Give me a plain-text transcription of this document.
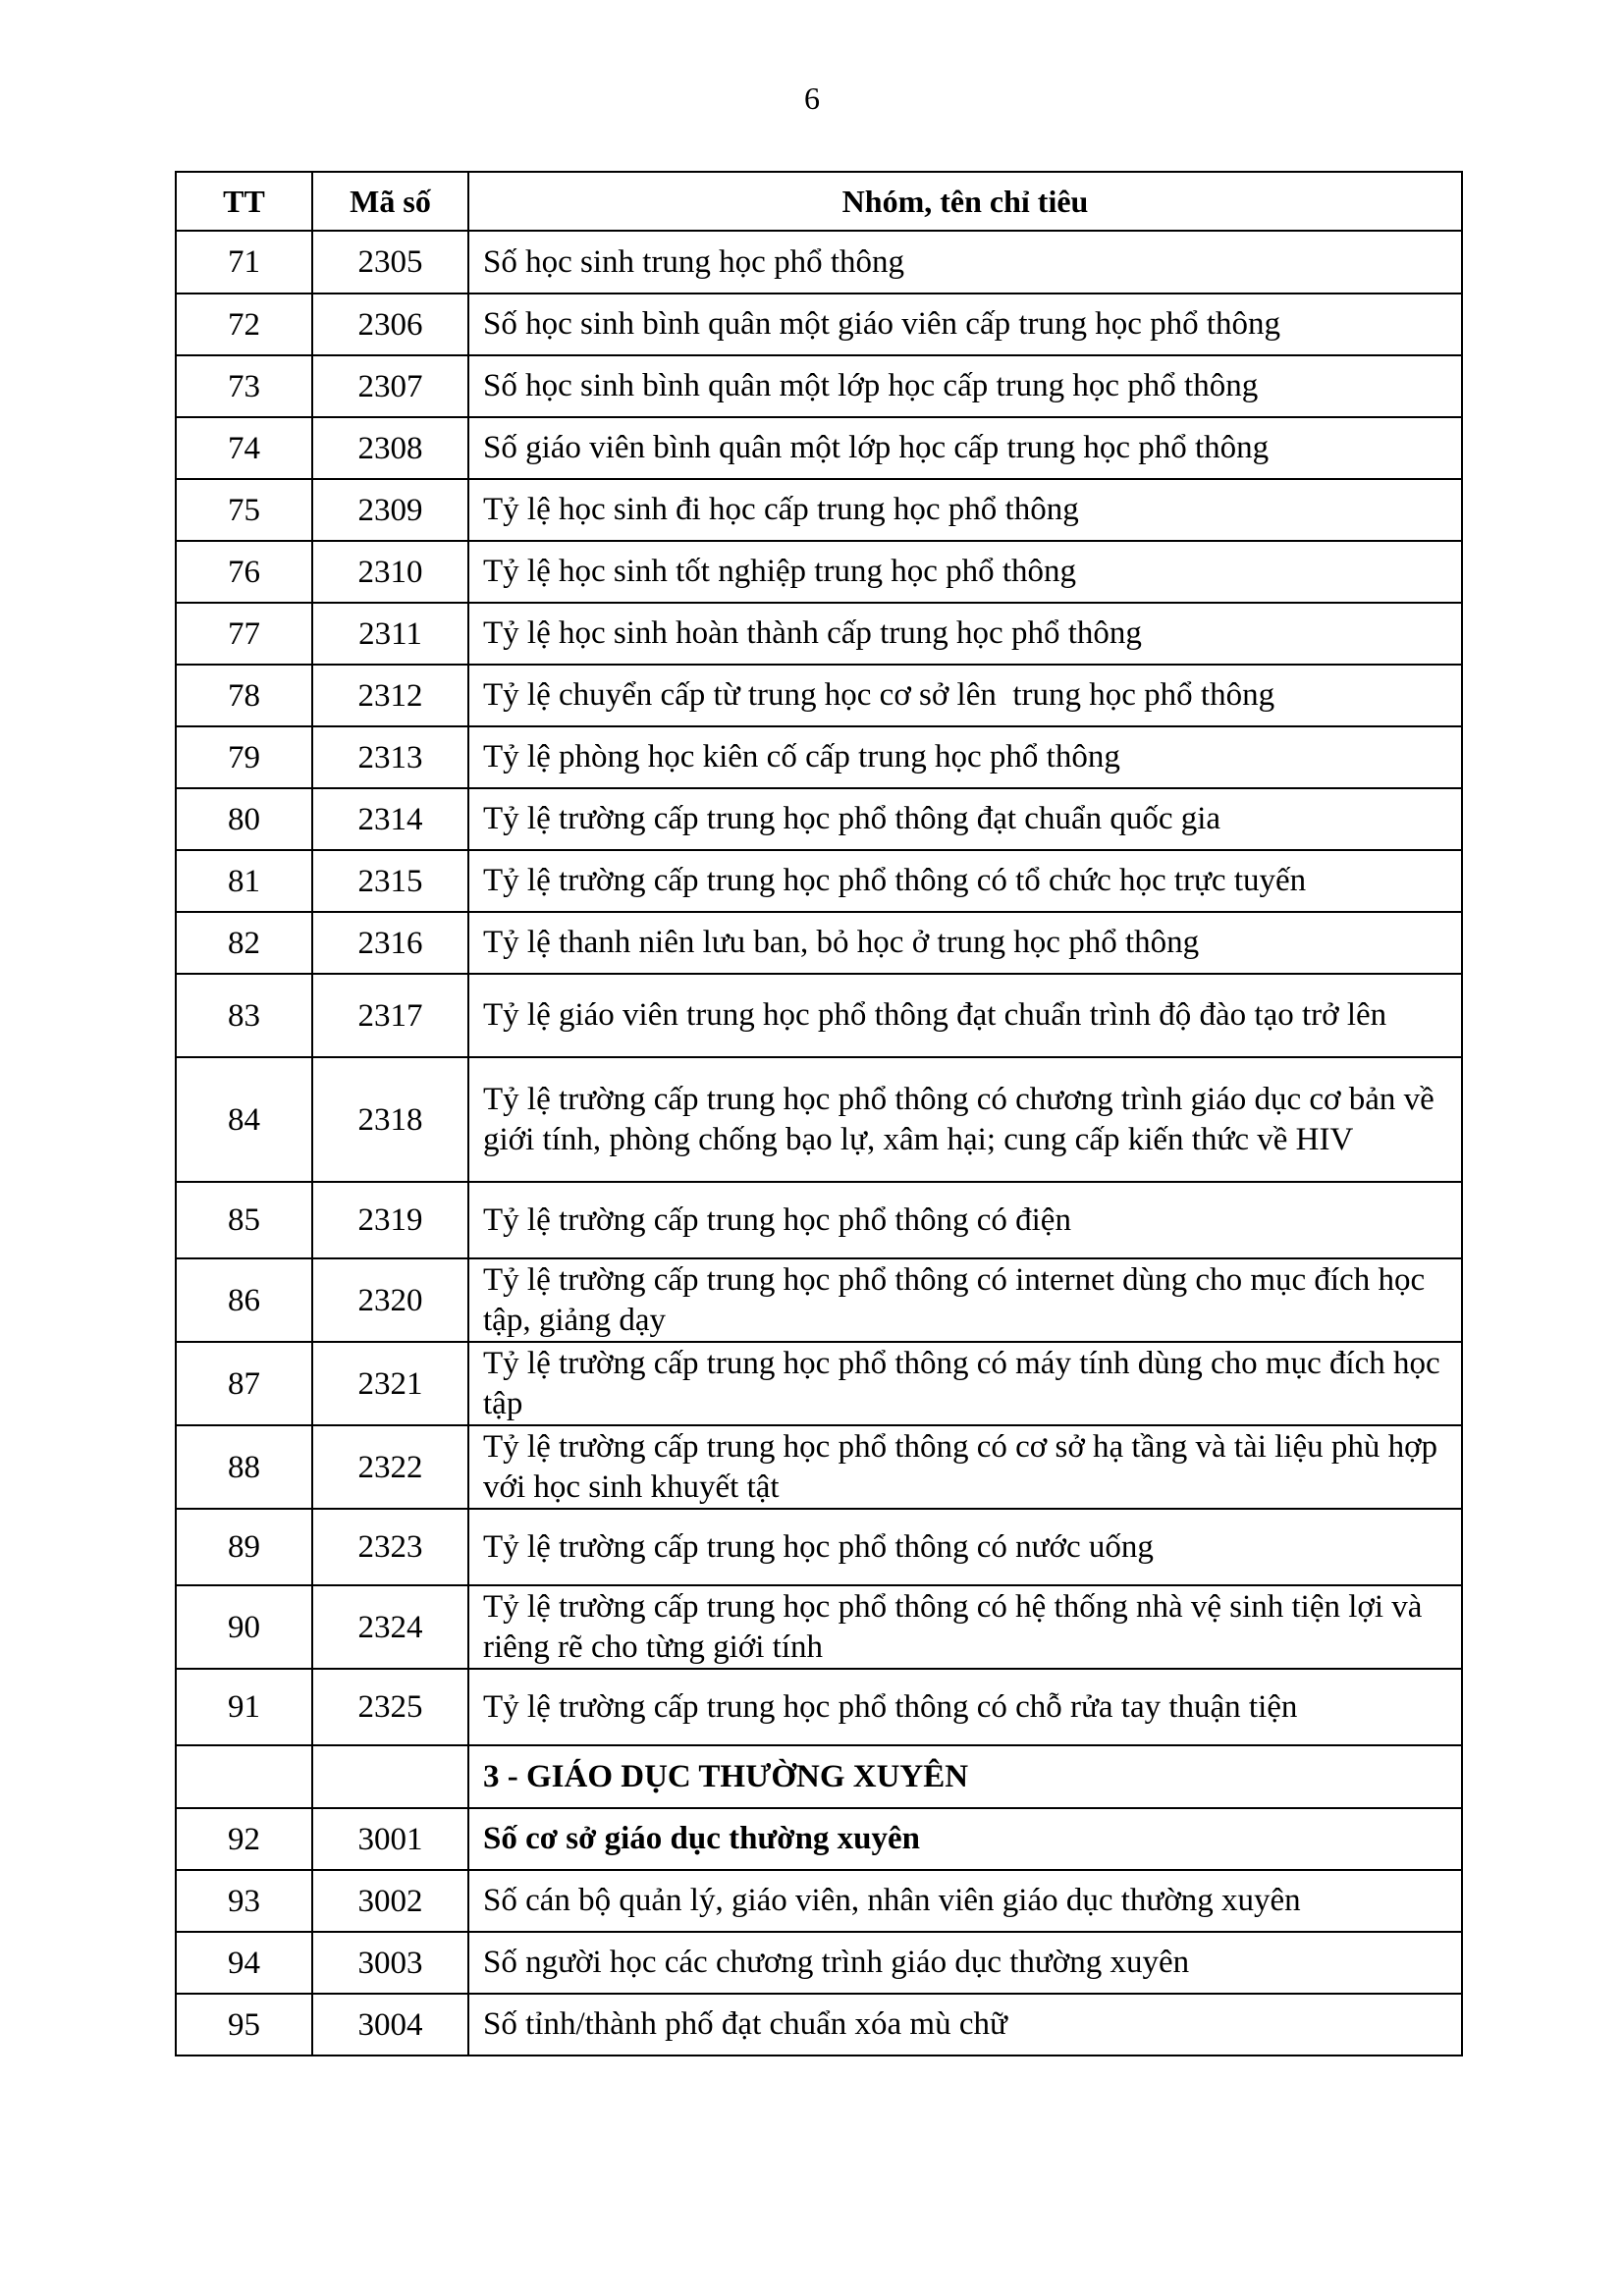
6
TT	Mã số	Nhóm, tên chỉ tiêu
71	2305	Số học sinh trung học phổ thông
72	2306	Số học sinh bình quân một giáo viên cấp trung học phổ thông
73	2307	Số học sinh bình quân một lớp học cấp trung học phổ thông
74	2308	Số giáo viên bình quân một lớp học cấp trung học phổ thông
75	2309	Tỷ lệ học sinh đi học cấp trung học phổ thông
76	2310	Tỷ lệ học sinh tốt nghiệp trung học phổ thông
77	2311	Tỷ lệ học sinh hoàn thành cấp trung học phổ thông
78	2312	Tỷ lệ chuyển cấp từ trung học cơ sở lên  trung học phổ thông
79	2313	Tỷ lệ phòng học kiên cố cấp trung học phổ thông
80	2314	Tỷ lệ trường cấp trung học phổ thông đạt chuẩn quốc gia
81	2315	Tỷ lệ trường cấp trung học phổ thông có tổ chức học trực tuyến
82	2316	Tỷ lệ thanh niên lưu ban, bỏ học ở trung học phổ thông
83	2317	Tỷ lệ giáo viên trung học phổ thông đạt chuẩn trình độ đào tạo trở lên
84	2318	Tỷ lệ trường cấp trung học phổ thông có chương trình giáo dục cơ bản về giới tính, phòng chống bạo lự, xâm hại; cung cấp kiến thức về HIV
85	2319	Tỷ lệ trường cấp trung học phổ thông có điện
86	2320	Tỷ lệ trường cấp trung học phổ thông có internet dùng cho mục đích học tập, giảng dạy
87	2321	Tỷ lệ trường cấp trung học phổ thông có máy tính dùng cho mục đích học tập
88	2322	Tỷ lệ trường cấp trung học phổ thông có cơ sở hạ tầng và tài liệu phù hợp với học sinh khuyết tật
89	2323	Tỷ lệ trường cấp trung học phổ thông có nước uống
90	2324	Tỷ lệ trường cấp trung học phổ thông có hệ thống nhà vệ sinh tiện lợi và riêng rẽ cho từng giới tính
91	2325	Tỷ lệ trường cấp trung học phổ thông có chỗ rửa tay thuận tiện
		3 - GIÁO DỤC THƯỜNG XUYÊN
92	3001	Số cơ sở giáo dục thường xuyên
93	3002	Số cán bộ quản lý, giáo viên, nhân viên giáo dục thường xuyên
94	3003	Số người học các chương trình giáo dục thường xuyên
95	3004	Số tỉnh/thành phố đạt chuẩn xóa mù chữ
